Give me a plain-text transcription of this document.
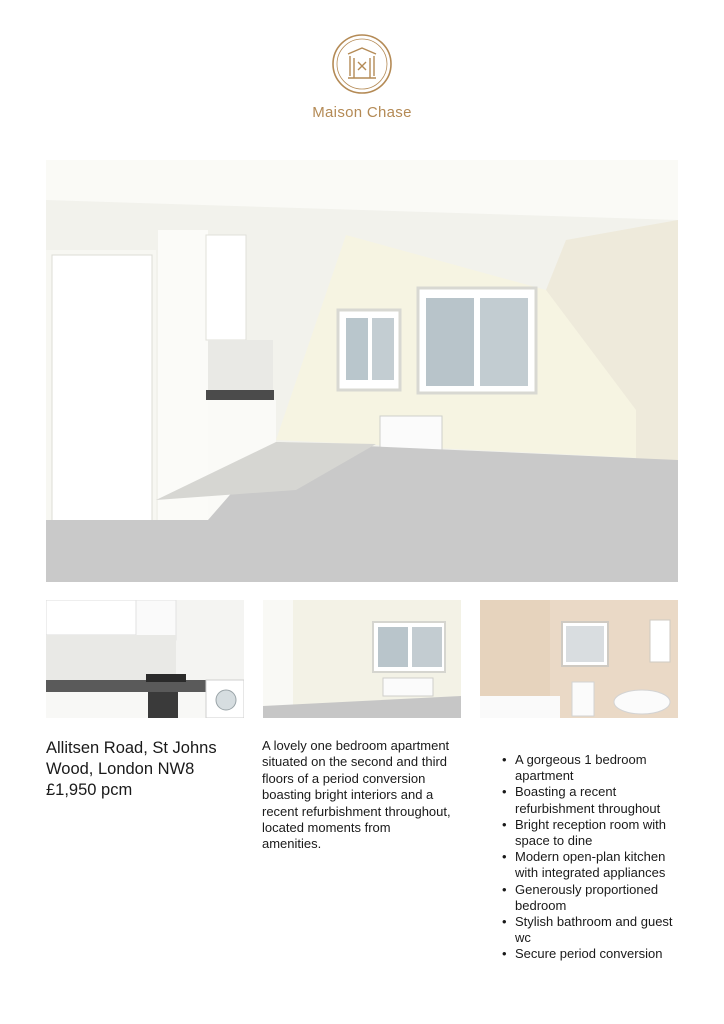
Maison Chase
Allitsen Road, St Johns
Wood, London NW8
£1,950 pcm
A lovely one bedroom apartment situated on the second and third floors of a period conversion boasting bright interiors and a recent refurbishment throughout, located moments from amenities.
• A gorgeous 1 bedroom apartment
• Boasting a recent refurbishment throughout
• Bright reception room with space to dine
• Modern open-plan kitchen with integrated appliances
• Generously proportioned bedroom
• Stylish bathroom and guest wc
• Secure period conversion
